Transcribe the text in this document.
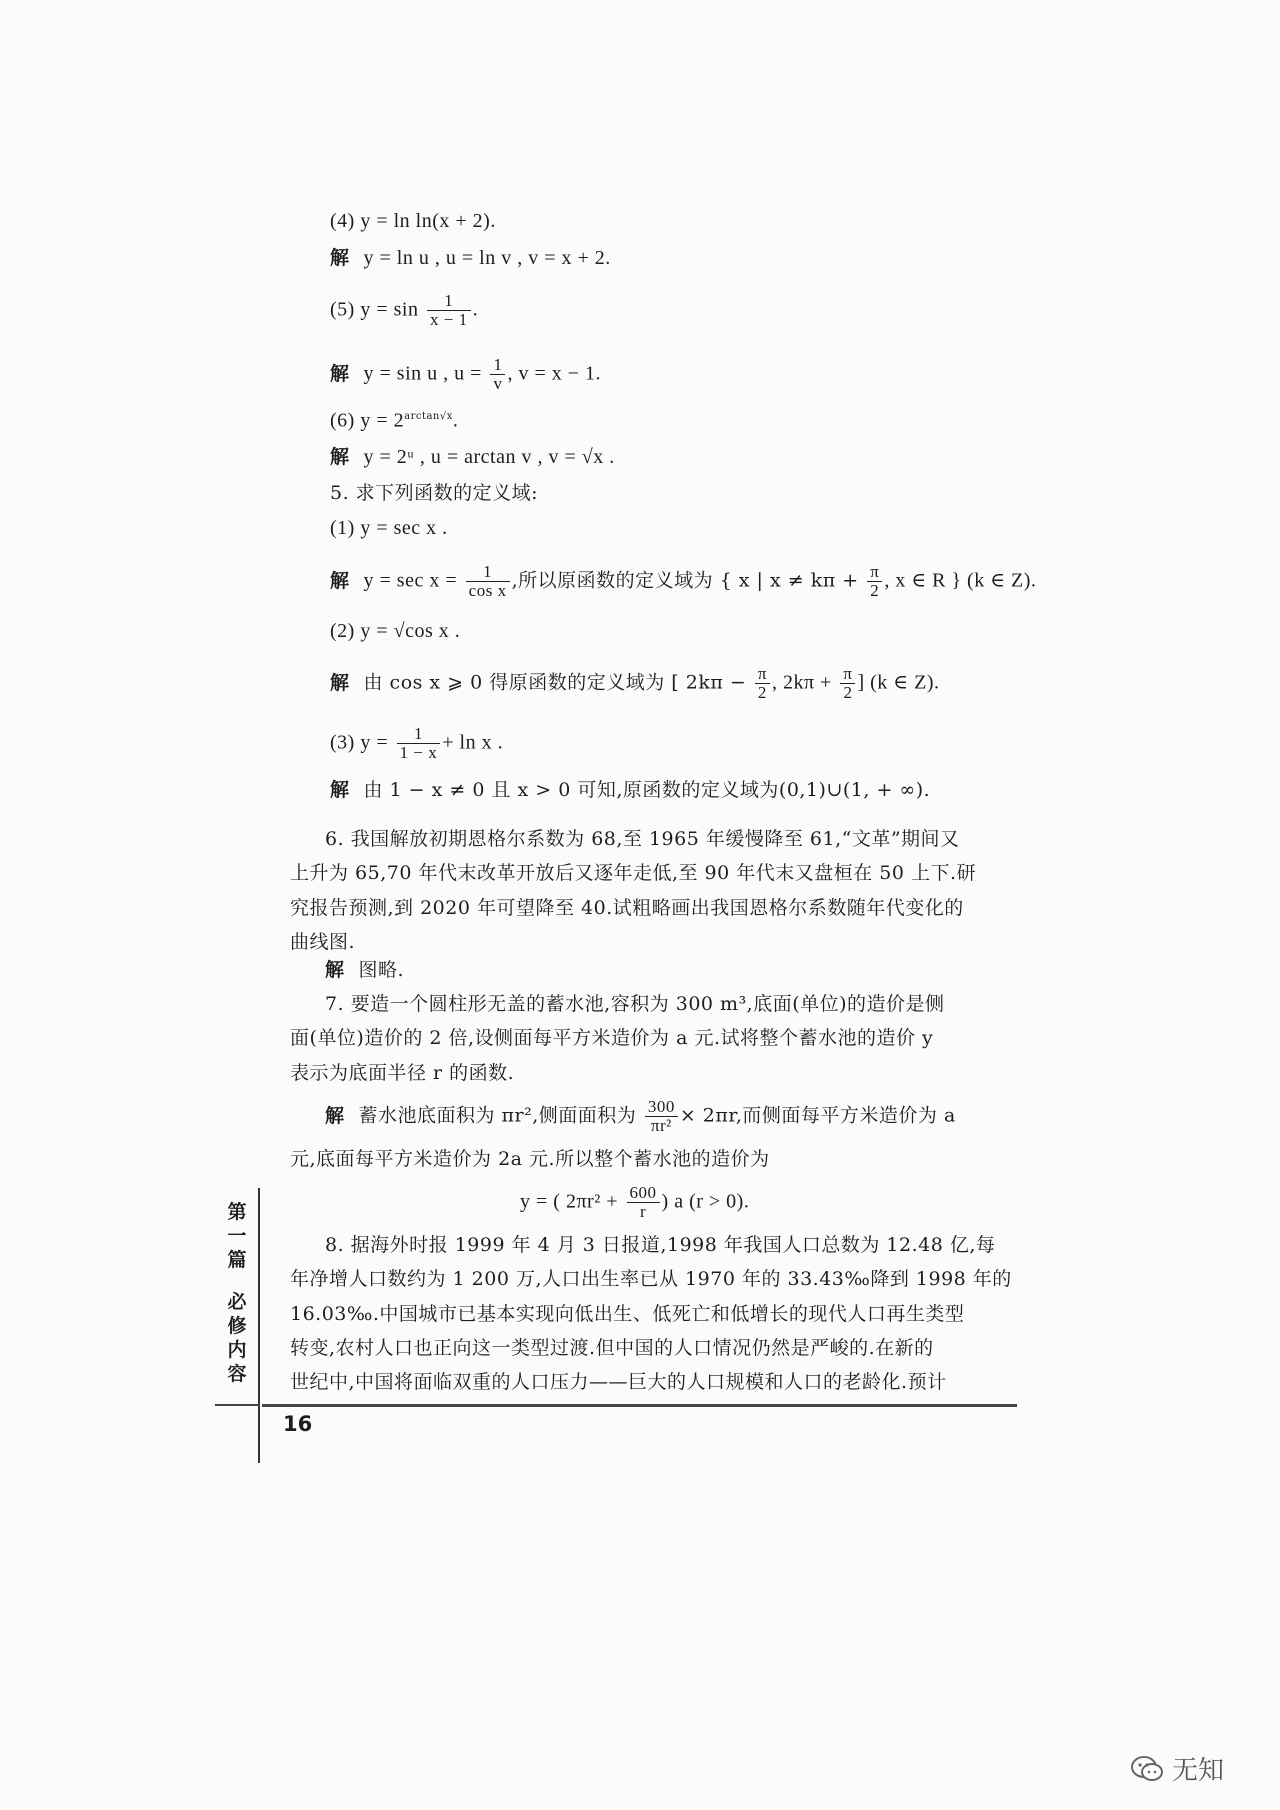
(4) y = ln ln(x + 2).
解 y = ln u , u = ln v , v = x + 2.
(5) $y = \sin \frac{1}{x - 1}$ .
解 y = sin u , $u = \frac{1}{v}$ , v = x − 1.
(6) $y = 2^{arctan√x}$.
解 y = 2ᵘ , u = arctan v , v = √x .
5. 求下列函数的定义域:
(1) y = sec x .
解 $y = \sec x = \frac{1}{\text{cos x}}$ ,所以原函数的定义域为 { x | $x \ne k\pi + \frac{\pi}{2}$ , x ∈ R } (k ∈ Z).
(2) y = √cos x .
解 由 cos x ⩾ 0 得原函数的定义域为 [ $2k\pi - \frac{\pi}{2}$ , $2k\pi + \frac{\pi}{2}$ ] (k ∈ Z).
(3) $y = \frac{1}{1 - x} + \ln x$ .
解 由 1 − x ≠ 0 且 x > 0 可知,原函数的定义域为(0,1)∪(1, + ∞).
6. 我国解放初期恩格尔系数为 68,至 1965 年缓慢降至 61,“文革”期间又
上升为 65,70 年代末改革开放后又逐年走低,至 90 年代末又盘桓在 50 上下.研
究报告预测,到 2020 年可望降至 40.试粗略画出我国恩格尔系数随年代变化的
曲线图.
解 图略.
7. 要造一个圆柱形无盖的蓄水池,容积为 300 m³,底面(单位)的造价是侧
面(单位)造价的 2 倍,设侧面每平方米造价为 a 元.试将整个蓄水池的造价 y
表示为底面半径 r 的函数.
解 蓄水池底面积为 πr²,侧面面积为 $\frac{300}{\text{πr²}} \times 2\pi r$,而侧面每平方米造价为 a
元,底面每平方米造价为 2a 元.所以整个蓄水池的造价为
y = ( $2\pi r^2 + \frac{600}{r}$ ) a (r > 0).
8. 据海外时报 1999 年 4 月 3 日报道,1998 年我国人口总数为 12.48 亿,每
年净增人口数约为 1 200 万,人口出生率已从 1970 年的 33.43‰降到 1998 年的
16.03‰.中国城市已基本实现向低出生、低死亡和低增长的现代人口再生类型
转变,农村人口也正向这一类型过渡.但中国的人口情况仍然是严峻的.在新的
世纪中,中国将面临双重的人口压力——巨大的人口规模和人口的老龄化.预计
第
一
篇
必
修
内
容
16
无知
